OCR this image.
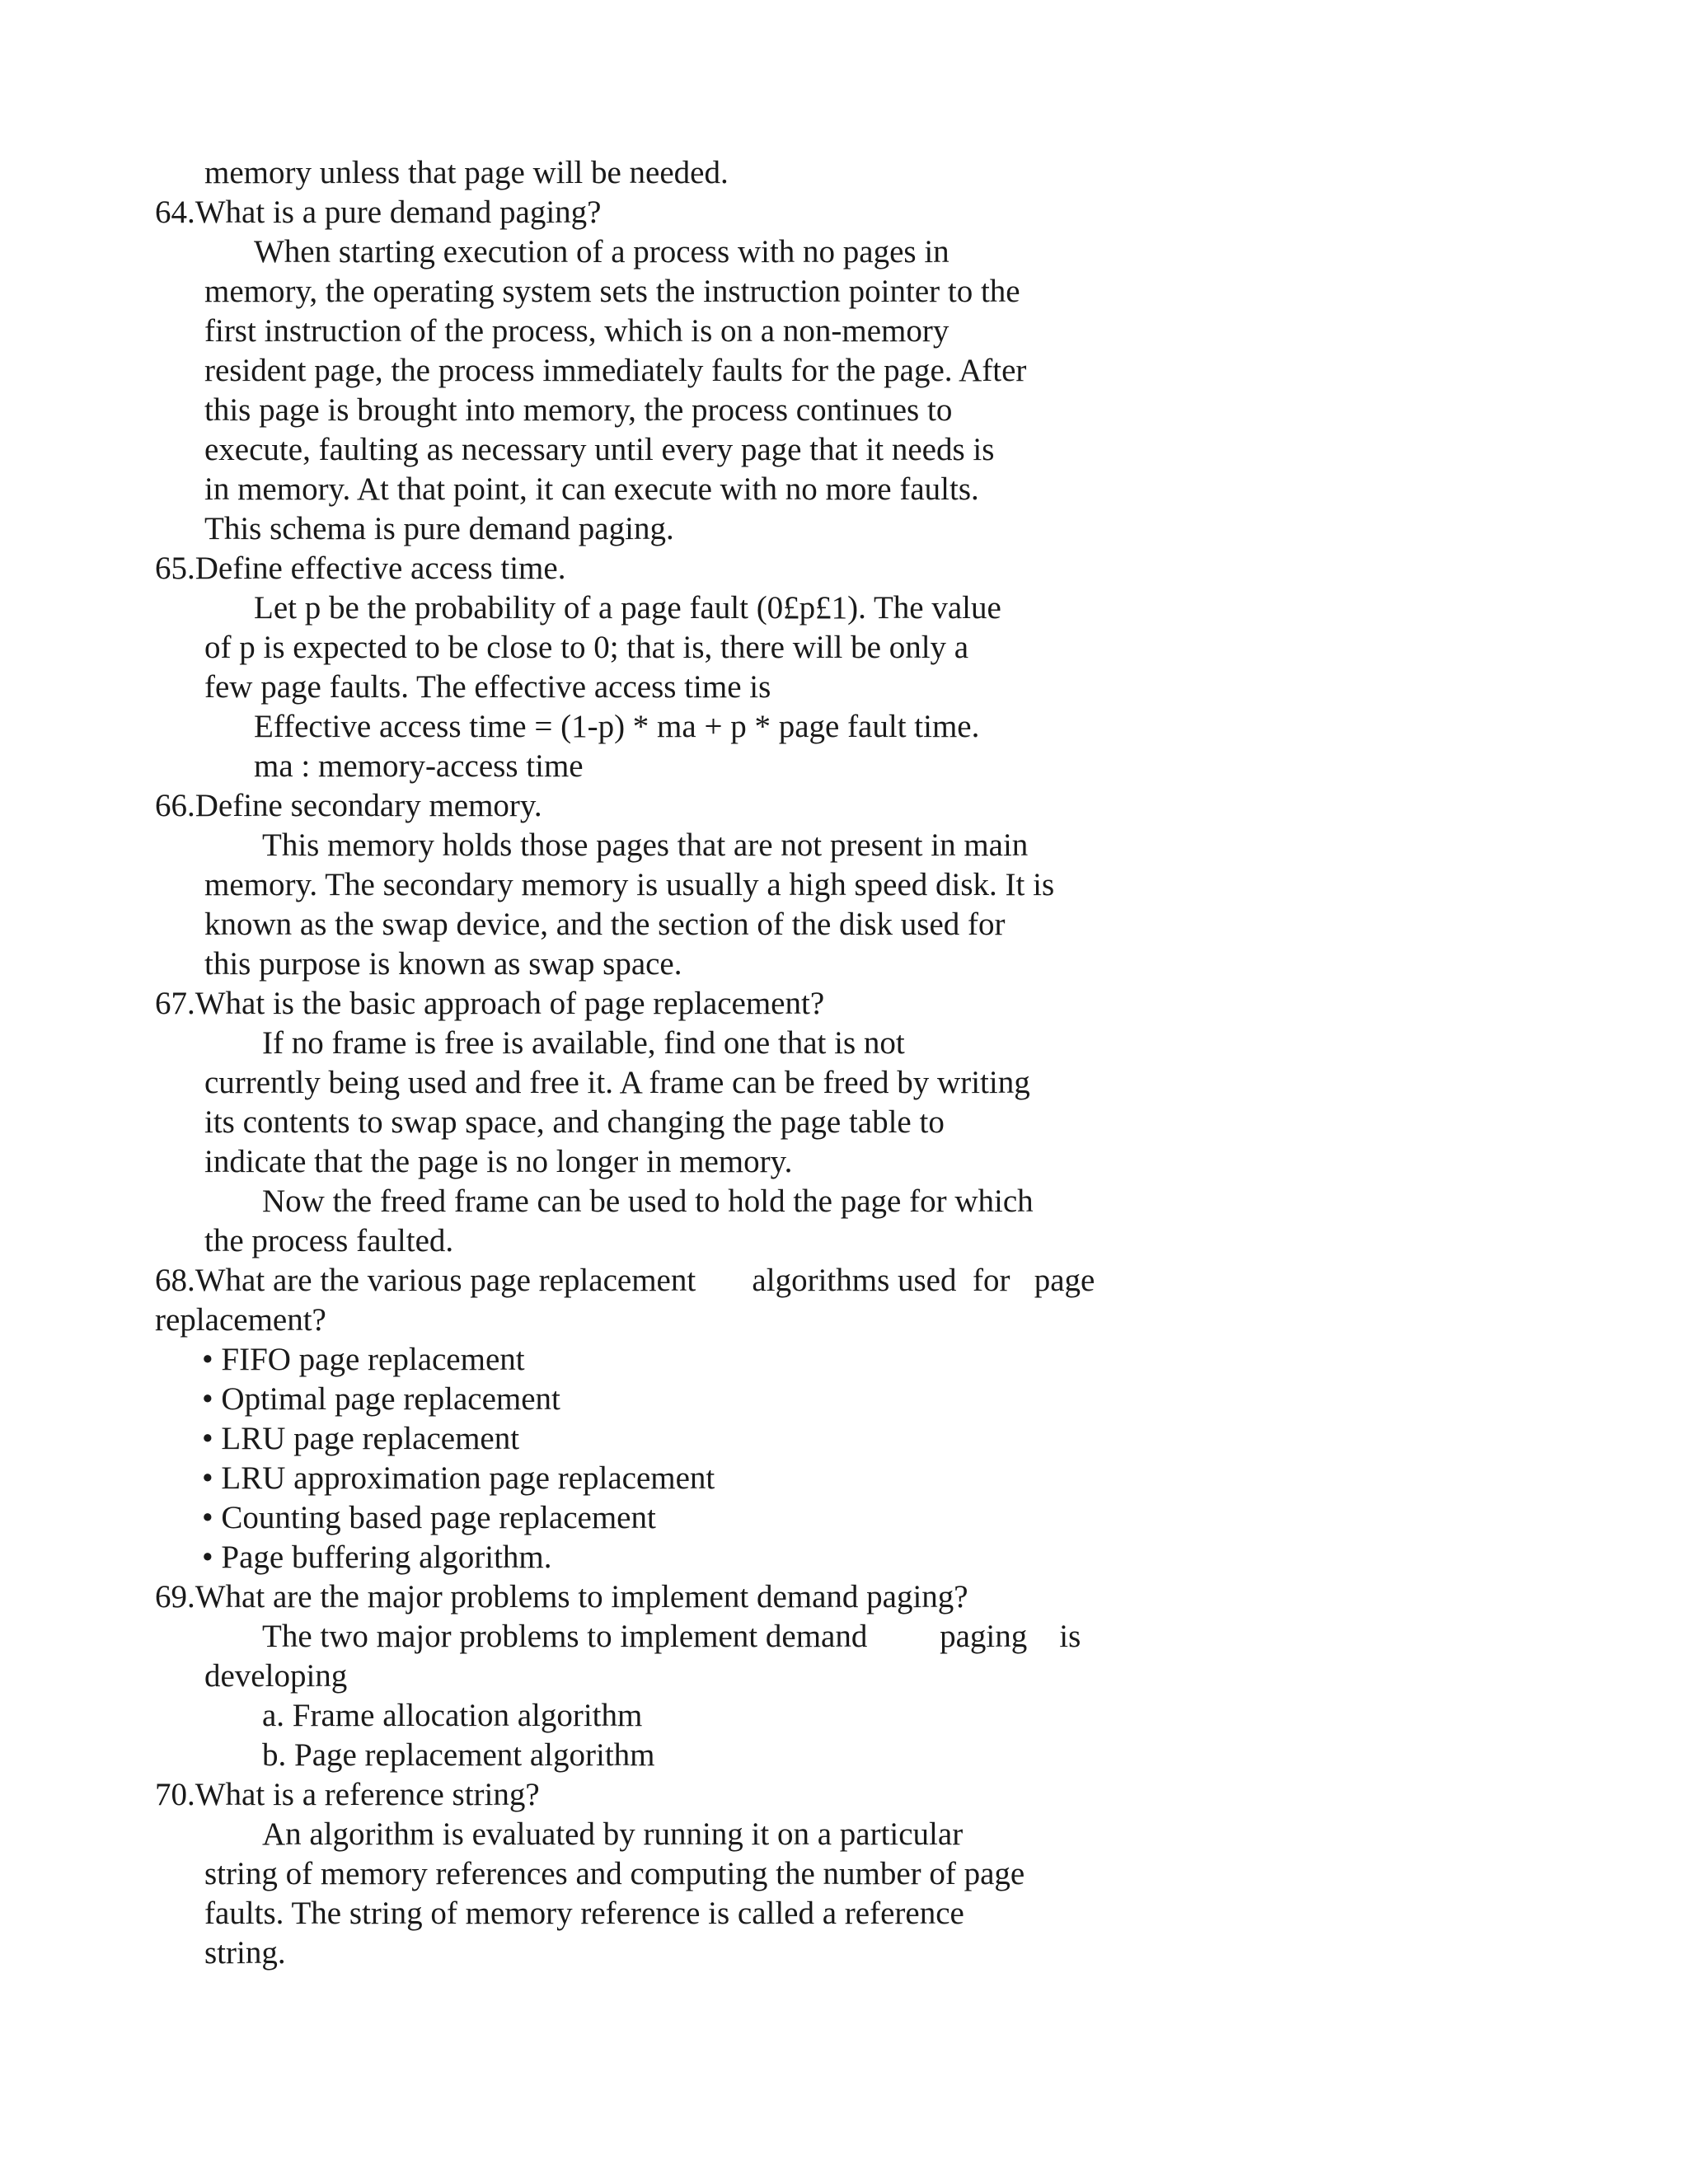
memory unless that page will be needed.
64.What is a pure demand paging?
When starting execution of a process with no pages in
memory, the operating system sets the instruction pointer to the
first instruction of the process, which is on a non-memory
resident page, the process immediately faults for the page. After
this page is brought into memory, the process continues to
execute, faulting as necessary until every page that it needs is
in memory. At that point, it can execute with no more faults.
This schema is pure demand paging.
65.Define effective access time.
Let p be the probability of a page fault (0£p£1). The value
of p is expected to be close to 0; that is, there will be only a
few page faults. The effective access time is
Effective access time = (1-p) * ma + p * page fault time.
ma : memory-access time
66.Define secondary memory.
This memory holds those pages that are not present in main
memory. The secondary memory is usually a high speed disk. It is
known as the swap device, and the section of the disk used for
this purpose is known as swap space.
67.What is the basic approach of page replacement?
If no frame is free is available, find one that is not
currently being used and free it. A frame can be freed by writing
its contents to swap space, and changing the page table to
indicate that the page is no longer in memory.
Now the freed frame can be used to hold the page for which
the process faulted.
68.What are the various page replacement       algorithms used  for   page
replacement?
• FIFO page replacement
• Optimal page replacement
• LRU page replacement
• LRU approximation page replacement
• Counting based page replacement
• Page buffering algorithm.
69.What are the major problems to implement demand paging?
The two major problems to implement demand         paging    is
developing
a. Frame allocation algorithm
b. Page replacement algorithm
70.What is a reference string?
An algorithm is evaluated by running it on a particular
string of memory references and computing the number of page
faults. The string of memory reference is called a reference
string.
